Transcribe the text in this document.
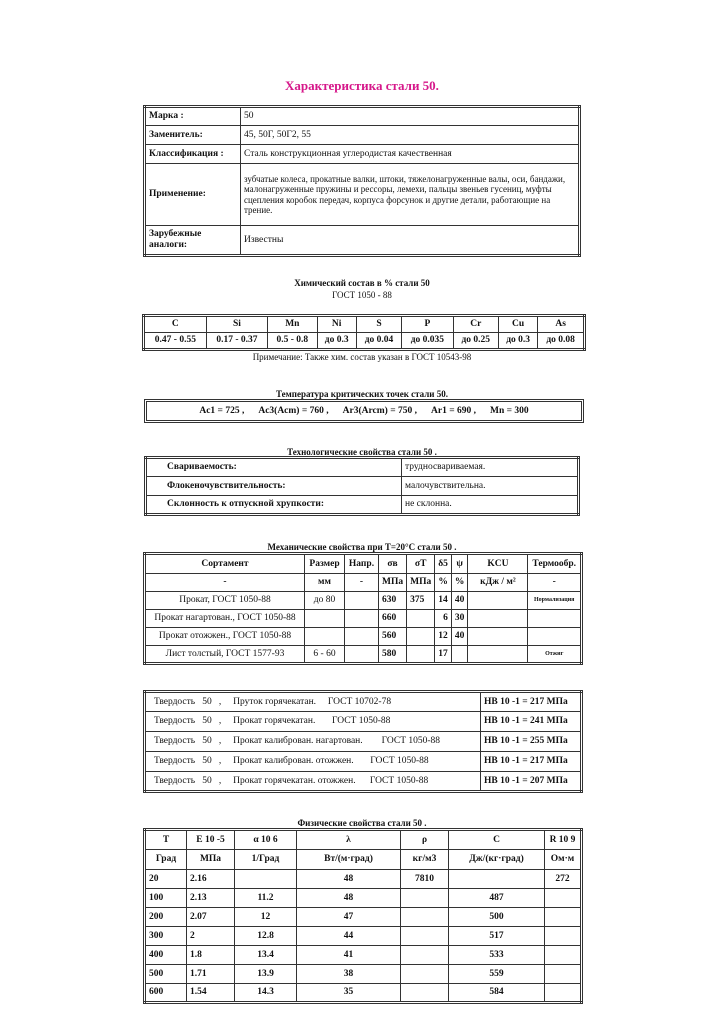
Характеристика стали 50.
Марка :	50
Заменитель:	45, 50Г, 50Г2, 55
Классификация :	Сталь конструкционная углеродистая качественная
Применение:	зубчатые колеса, прокатные валки, штоки, тяжелонагруженные валы, оси, бандажи, малонагруженные пружины и рессоры, лемехи, пальцы звеньев гусениц, муфты сцепления коробок передач, корпуса форсунок и другие детали, работающие на трение.
Зарубежные аналоги:	Известны
Химический состав в % стали 50
ГОСТ 1050 - 88
C	Si	Mn	Ni	S	P	Cr	Cu	As
0.47 - 0.55	0.17 - 0.37	0.5 - 0.8	до 0.3	до 0.04	до 0.035	до 0.25	до 0.3	до 0.08
Примечание: Также хим. состав указан в ГОСТ 10543-98
Температура критических точек стали 50.
Ac1 = 725 , Ac3(Acm) = 760 , Ar3(Arcm) = 750 , Ar1 = 690 , Mn = 300
Технологические свойства стали 50 .
Свариваемость:	трудносвариваемая.
Флокеночувствительность:	малочувствительна.
Склонность к отпускной хрупкости:	не склонна.
Механические свойства при Т=20°С стали 50 .
Сортамент	Размер	Напр.	σв	σT	δ5	ψ	KCU	Термообр.
-	мм	-	МПа	МПа	%	%	кДж / м²	-
Прокат, ГОСТ 1050-88	до 80		630	375	14	40		Нормализация
Прокат нагартован., ГОСТ 1050-88			660		6	30		
Прокат отожжен., ГОСТ 1050-88			560		12	40		
Лист толстый, ГОСТ 1577-93	6 - 60		580		17			Отжиг
Твердость   50   ,     Пруток горячекатан.     ГОСТ 10702-78	HB 10 -1 = 217 МПа
Твердость   50   ,     Прокат горячекатан.       ГОСТ 1050-88	HB 10 -1 = 241 МПа
Твердость   50   ,     Прокат калиброван. нагартован.        ГОСТ 1050-88	HB 10 -1 = 255 МПа
Твердость   50   ,     Прокат калиброван. отожжен.       ГОСТ 1050-88	HB 10 -1 = 217 МПа
Твердость   50   ,     Прокат горячекатан. отожжен.      ГОСТ 1050-88	HB 10 -1 = 207 МПа
Физические свойства стали 50 .
T	E 10 -5	α 10 6	λ	ρ	C	R 10 9
Град	МПа	1/Град	Вт/(м·град)	кг/м3	Дж/(кг·град)	Ом·м
20	2.16		48	7810		272
100	2.13	11.2	48		487	
200	2.07	12	47		500	
300	2	12.8	44		517	
400	1.8	13.4	41		533	
500	1.71	13.9	38		559	
600	1.54	14.3	35		584	
